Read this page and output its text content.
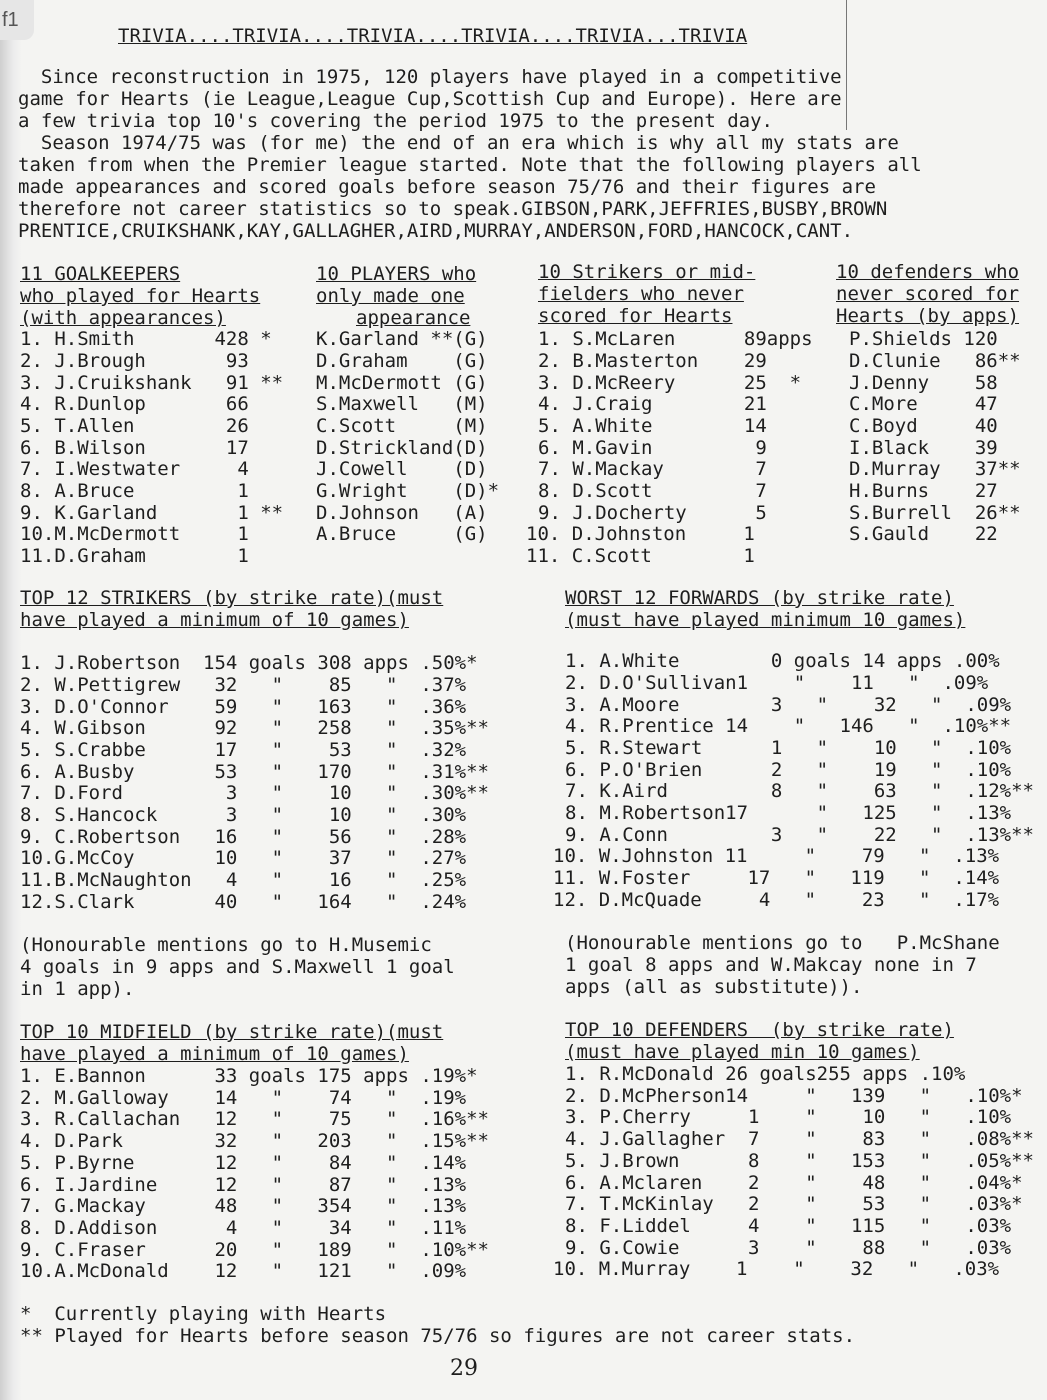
f1
TRIVIA....TRIVIA....TRIVIA....TRIVIA....TRIVIA...TRIVIA
Since reconstruction in 1975, 120 players have played in a competitive
game for Hearts (ie League,League Cup,Scottish Cup and Europe). Here are
a few trivia top 10's covering the period 1975 to the present day.
Season 1974/75 was (for me) the end of an era which is why all my stats are
taken from when the Premier league started. Note that the following players all
made appearances and scored goals before season 75/76 and their figures are
therefore not career statistics so to speak.GIBSON,PARK,JEFFRIES,BUSBY,BROWN
PRENTICE,CRUIKSHANK,KAY,GALLAGHER,AIRD,MURRAY,ANDERSON,FORD,HANCOCK,CANT.
11 GOALKEEPERS
who played for Hearts
(with appearances)
1. H.Smith       428 *
2. J.Brough       93
3. J.Cruikshank   91 **
4. R.Dunlop       66
5. T.Allen        26
6. B.Wilson       17
7. I.Westwater     4
8. A.Bruce         1
9. K.Garland       1 **
10.M.McDermott     1
11.D.Graham        1
10 PLAYERS who
only made one
appearance
K.Garland **(G)
D.Graham    (G)
M.McDermott (G)
S.Maxwell   (M)
C.Scott     (M)
D.Strickland(D)
J.Cowell    (D)
G.Wright    (D)*
D.Johnson   (A)
A.Bruce     (G)
10 Strikers or mid-
fielders who never
scored for Hearts
1. S.McLaren      89apps
2. B.Masterton    29
3. D.McReery      25  *
4. J.Craig        21
5. A.White        14
6. M.Gavin         9
7. W.Mackay        7
8. D.Scott         7
9. J.Docherty      5
10. D.Johnston     1
11. C.Scott        1
10 defenders who
never scored for
Hearts (by apps)
P.Shields 120
D.Clunie   86**
J.Denny    58
C.More     47
C.Boyd     40
I.Black    39
D.Murray   37**
H.Burns    27
S.Burrell  26**
S.Gauld    22
TOP 12 STRIKERS (by strike rate)(must
have played a minimum of 10 games)
1. J.Robertson  154 goals 308 apps .50%*
2. W.Pettigrew   32   "    85   "  .37%
3. D.O'Connor    59   "   163   "  .36%
4. W.Gibson      92   "   258   "  .35%**
5. S.Crabbe      17   "    53   "  .32%
6. A.Busby       53   "   170   "  .31%**
7. D.Ford         3   "    10   "  .30%**
8. S.Hancock      3   "    10   "  .30%
9. C.Robertson   16   "    56   "  .28%
10.G.McCoy       10   "    37   "  .27%
11.B.McNaughton   4   "    16   "  .25%
12.S.Clark       40   "   164   "  .24%
(Honourable mentions go to H.Musemic
4 goals in 9 apps and S.Maxwell 1 goal
in 1 app).
WORST 12 FORWARDS (by strike rate)
(must have played minimum 10 games)
1. A.White        0 goals 14 apps .00%
2. D.O'Sullivan1    "    11   "  .09%
3. A.Moore        3   "    32   "  .09%
4. R.Prentice 14    "   146   "  .10%**
5. R.Stewart      1   "    10   "  .10%
6. P.O'Brien      2   "    19   "  .10%
7. K.Aird         8   "    63   "  .12%**
8. M.Robertson17      "   125   "  .13%
9. A.Conn         3   "    22   "  .13%**
10. W.Johnston 11     "    79   "  .13%
11. W.Foster     17   "   119   "  .14%
12. D.McQuade     4   "    23   "  .17%
(Honourable mentions go to   P.McShane
1 goal 8 apps and W.Makcay none in 7
apps (all as substitute)).
TOP 10 MIDFIELD (by strike rate)(must
have played a minimum of 10 games)
1. E.Bannon      33 goals 175 apps .19%*
2. M.Galloway    14   "    74   "  .19%
3. R.Callachan   12   "    75   "  .16%**
4. D.Park        32   "   203   "  .15%**
5. P.Byrne       12   "    84   "  .14%
6. I.Jardine     12   "    87   "  .13%
7. G.Mackay      48   "   354   "  .13%
8. D.Addison      4   "    34   "  .11%
9. C.Fraser      20   "   189   "  .10%**
10.A.McDonald    12   "   121   "  .09%
TOP 10 DEFENDERS  (by strike rate)
(must have played min 10 games)
1. R.McDonald 26 goals255 apps .10%
2. D.McPherson14     "   139   "   .10%*
3. P.Cherry     1    "    10   "   .10%
4. J.Gallagher  7    "    83   "   .08%**
5. J.Brown      8    "   153   "   .05%**
6. A.Mclaren    2    "    48   "   .04%*
7. T.McKinlay   2    "    53   "   .03%*
8. F.Liddel     4    "   115   "   .03%
9. G.Cowie      3    "    88   "   .03%
10. M.Murray    1    "    32   "   .03%
*  Currently playing with Hearts
** Played for Hearts before season 75/76 so figures are not career stats.
29
